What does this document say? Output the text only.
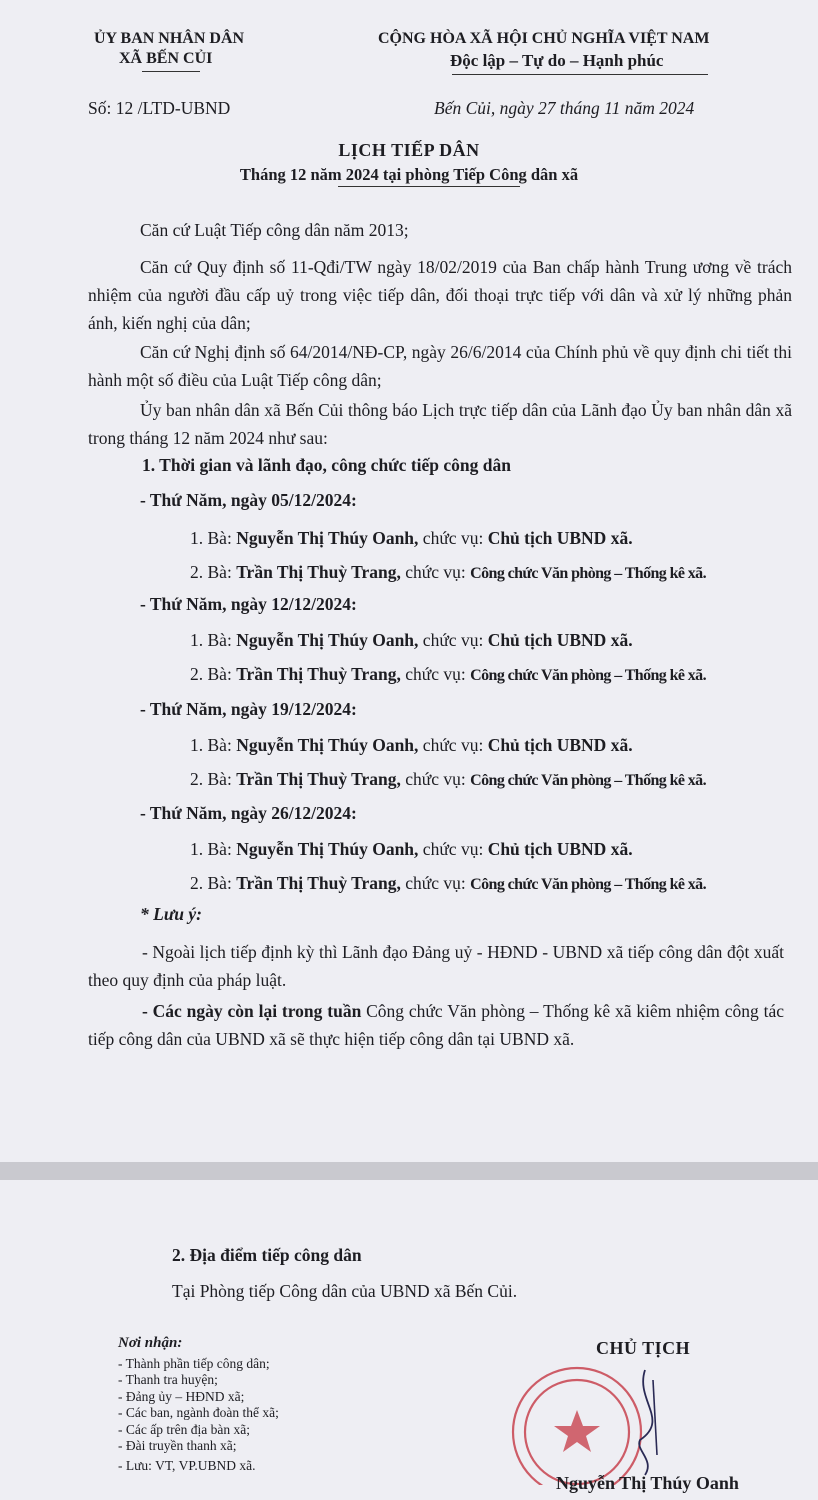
ỦY BAN NHÂN DÂN
XÃ BẾN CỦI
CỘNG HÒA XÃ HỘI CHỦ NGHĨA VIỆT NAM
Độc lập – Tự do – Hạnh phúc
Số: 12 /LTD-UBND	Bến Củi, ngày 27 tháng 11 năm 2024
LỊCH TIẾP DÂN
Tháng 12 năm 2024 tại phòng Tiếp Công dân xã
Căn cứ Luật Tiếp công dân năm 2013;
Căn cứ Quy định số 11-Qđi/TW ngày 18/02/2019 của Ban chấp hành Trung ương về trách nhiệm của người đầu cấp uỷ trong việc tiếp dân, đối thoại trực tiếp với dân và xử lý những phản ánh, kiến nghị của dân;
Căn cứ Nghị định số 64/2014/NĐ-CP, ngày 26/6/2014 của Chính phủ về quy định chi tiết thi hành một số điều của Luật Tiếp công dân;
Ủy ban nhân dân xã Bến Củi thông báo Lịch trực tiếp dân của Lãnh đạo Ủy ban nhân dân xã trong tháng 12 năm 2024 như sau:
1. Thời gian và lãnh đạo, công chức tiếp công dân
- Thứ Năm, ngày 05/12/2024:
1. Bà: Nguyễn Thị Thúy Oanh, chức vụ: Chủ tịch UBND xã.
2. Bà: Trần Thị Thuỳ Trang, chức vụ: Công chức Văn phòng – Thống kê xã.
- Thứ Năm, ngày 12/12/2024:
1. Bà: Nguyễn Thị Thúy Oanh, chức vụ: Chủ tịch UBND xã.
2. Bà: Trần Thị Thuỳ Trang, chức vụ: Công chức Văn phòng – Thống kê xã.
- Thứ Năm, ngày 19/12/2024:
1. Bà: Nguyễn Thị Thúy Oanh, chức vụ: Chủ tịch UBND xã.
2. Bà: Trần Thị Thuỳ Trang, chức vụ: Công chức Văn phòng – Thống kê xã.
- Thứ Năm, ngày 26/12/2024:
1. Bà: Nguyễn Thị Thúy Oanh, chức vụ: Chủ tịch UBND xã.
2. Bà: Trần Thị Thuỳ Trang, chức vụ: Công chức Văn phòng – Thống kê xã.
* Lưu ý:
- Ngoài lịch tiếp định kỳ thì Lãnh đạo Đảng uỷ - HĐND - UBND xã tiếp công dân đột xuất theo quy định của pháp luật.
- Các ngày còn lại trong tuần Công chức Văn phòng – Thống kê xã kiêm nhiệm công tác tiếp công dân của UBND xã sẽ thực hiện tiếp công dân tại UBND xã.
2. Địa điểm tiếp công dân
Tại Phòng tiếp Công dân của UBND xã Bến Củi.
Nơi nhận:
- Thành phần tiếp công dân;
- Thanh tra huyện;
- Đảng ủy – HĐND xã;
- Các ban, ngành đoàn thể xã;
- Các ấp trên địa bàn xã;
- Đài truyền thanh xã;
- Lưu: VT, VP.UBND xã.
CHỦ TỊCH
Nguyễn Thị Thúy Oanh
